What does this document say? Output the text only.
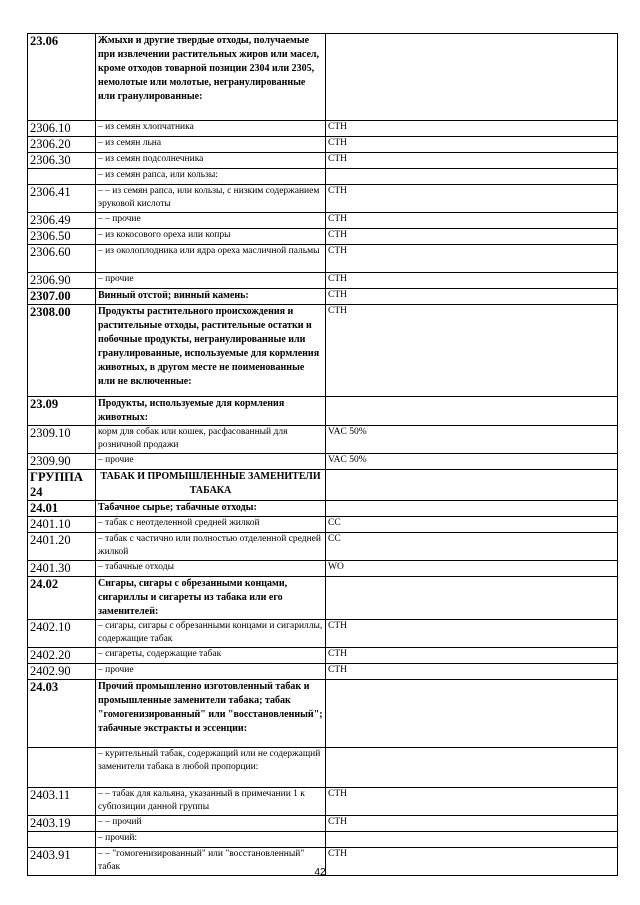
23.06	Жмыхи и другие твердые отходы, получаемые при извлечении растительных жиров или масел, кроме отходов товарной позиции 2304 или 2305, немолотые или молотые, негранулированные или гранулированные:	
2306.10	– из семян хлопчатника	СТН
2306.20	– из семян льна	СТН
2306.30	– из семян подсолнечника	СТН
	– из семян рапса, или кользы:	
2306.41	– – из семян рапса, или кользы, с низким содержанием эруковой кислоты	СТН
2306.49	– – прочие	СТН
2306.50	– из кокосового ореха или копры	СТН
2306.60	– из околоплодника или ядра ореха масличной пальмы	СТН
2306.90	– прочие	СТН
2307.00	Винный отстой; винный камень:	СТН
2308.00	Продукты растительного происхождения и растительные отходы, растительные остатки и побочные продукты, негранулированные или гранулированные, используемые для кормления животных, в другом месте не поименованные или не включенные:	СТН
23.09	Продукты, используемые для кормления животных:	
2309.10	корм для собак или кошек, расфасованный для розничной продажи	VAC 50%
2309.90	– прочие	VAC 50%
ГРУППА 24	ТАБАК И ПРОМЫШЛЕННЫЕ ЗАМЕНИТЕЛИ ТАБАКА	
24.01	Табачное сырье; табачные отходы:	
2401.10	– табак с неотделенной средней жилкой	СС
2401.20	– табак с частично или полностью отделенной средней жилкой	СС
2401.30	– табачные отходы	WO
24.02	Сигары, сигары с обрезанными концами, сигариллы и сигареты из табака или его заменителей:	
2402.10	– сигары, сигары с обрезанными концами и сигариллы, содержащие табак	СТН
2402.20	– сигареты, содержащие табак	СТН
2402.90	– прочие	СТН
24.03	Прочий промышленно изготовленный табак и промышленные заменители табака; табак "гомогенизированный" или "восстановленный"; табачные экстракты и эссенции:	
	– курительный табак, содержащий или не содержащий заменители табака в любой пропорции:	
2403.11	– – табак для кальяна, указанный в примечании 1 к субпозиции данной группы	СТН
2403.19	– – прочий	СТН
	– прочий:	
2403.91	– – "гомогенизированный" или "восстановленный" табак	СТН
42
